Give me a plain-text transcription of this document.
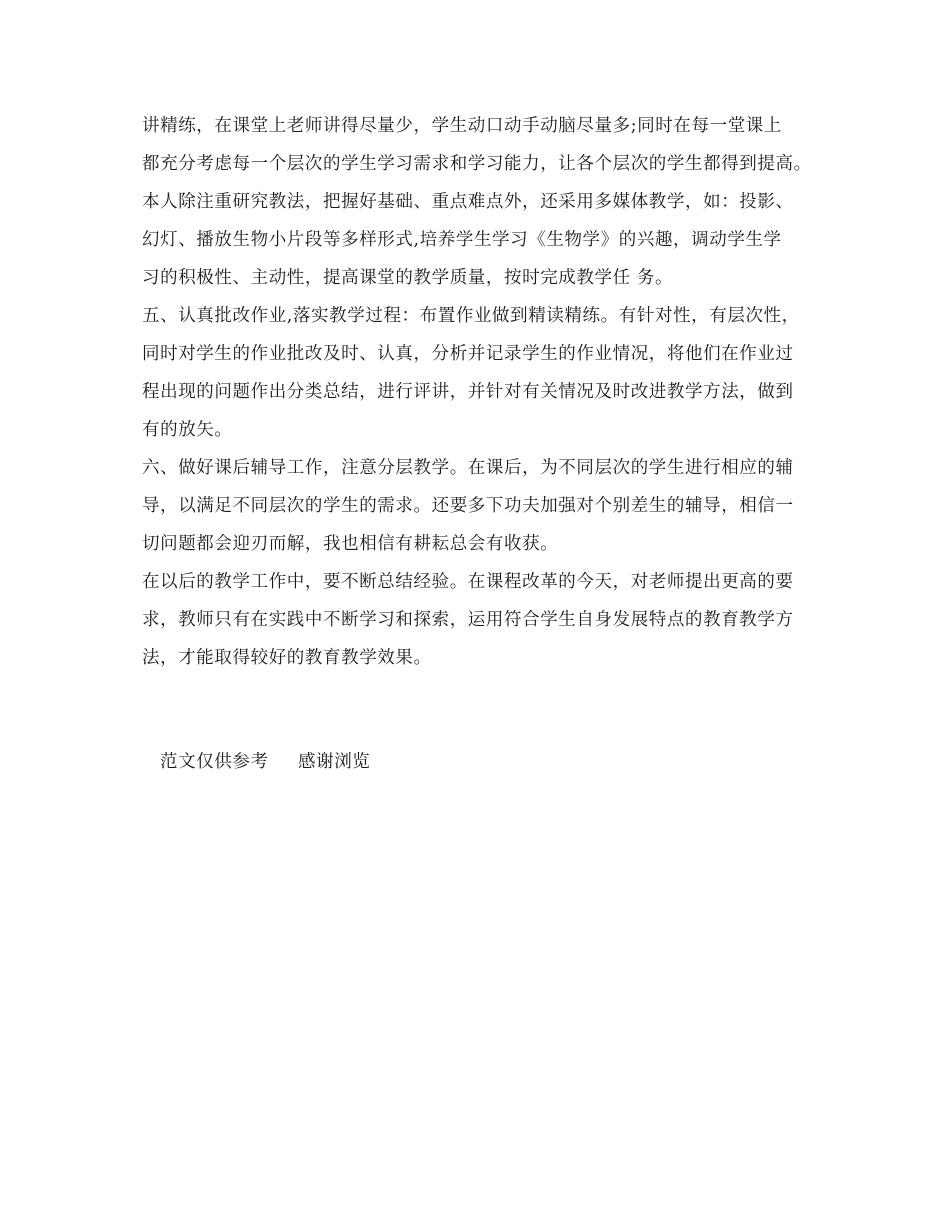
讲精练，在课堂上老师讲得尽量少，学生动口动手动脑尽量多;同时在每一堂课上
都充分考虑每一个层次的学生学习需求和学习能力，让各个层次的学生都得到提高。
本人除注重研究教法，把握好基础、重点难点外，还采用多媒体教学，如：投影、
幻灯、播放生物小片段等多样形式,培养学生学习《生物学》的兴趣，调动学生学
习的积极性、主动性，提高课堂的教学质量，按时完成教学任 务。
五、认真批改作业,落实教学过程：布置作业做到精读精练。有针对性，有层次性，
同时对学生的作业批改及时、认真，分析并记录学生的作业情况，将他们在作业过
程出现的问题作出分类总结，进行评讲，并针对有关情况及时改进教学方法，做到
有的放矢。
六、做好课后辅导工作，注意分层教学。在课后，为不同层次的学生进行相应的辅
导，以满足不同层次的学生的需求。还要多下功夫加强对个别差生的辅导，相信一
切问题都会迎刃而解，我也相信有耕耘总会有收获。
在以后的教学工作中，要不断总结经验。在课程改革的今天，对老师提出更高的要
求，教师只有在实践中不断学习和探索，运用符合学生自身发展特点的教育教学方
法，才能取得较好的教育教学效果。
范文仅供参考 感谢浏览
